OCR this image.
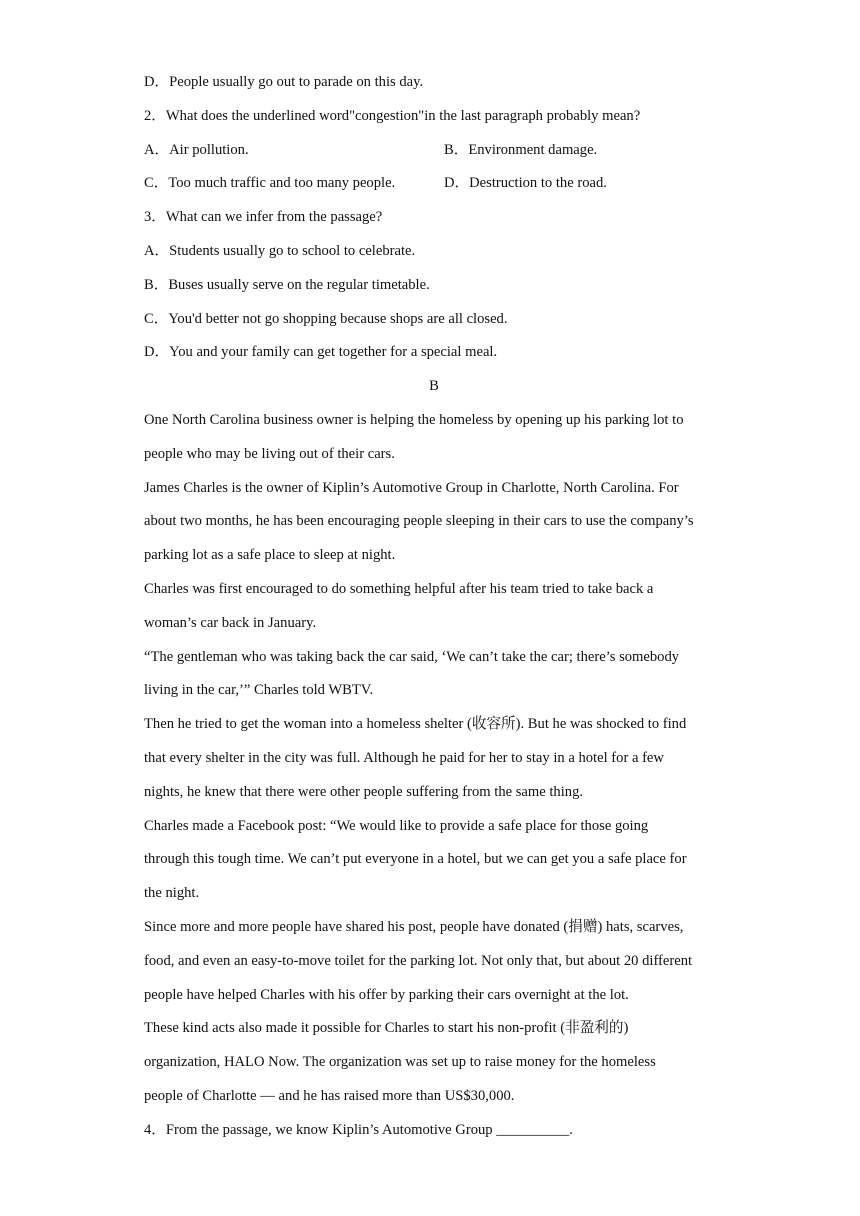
D．People usually go out to parade on this day.
2．What does the underlined word"congestion"in the last paragraph probably mean?
A．Air pollution.	B．Environment damage.
C．Too much traffic and too many people.	D．Destruction to the road.
3．What can we infer from the passage?
A．Students usually go to school to celebrate.
B．Buses usually serve on the regular timetable.
C．You'd better not go shopping because shops are all closed.
D．You and your family can get together for a special meal.
B
One North Carolina business owner is helping the homeless by opening up his parking lot to
people who may be living out of their cars.
James Charles is the owner of Kiplin’s Automotive Group in Charlotte, North Carolina. For
about two months, he has been encouraging people sleeping in their cars to use the company’s
parking lot as a safe place to sleep at night.
Charles was first encouraged to do something helpful after his team tried to take back a
woman’s car back in January.
“The gentleman who was taking back the car said, ‘We can’t take the car; there’s somebody
living in the car,’” Charles told WBTV.
Then he tried to get the woman into a homeless shelter (收容所). But he was shocked to find
that every shelter in the city was full. Although he paid for her to stay in a hotel for a few
nights, he knew that there were other people suffering from the same thing.
Charles made a Facebook post: “We would like to provide a safe place for those going
through this tough time. We can’t put everyone in a hotel, but we can get you a safe place for
the night.
Since more and more people have shared his post, people have donated (捐赠) hats, scarves,
food, and even an easy-to-move toilet for the parking lot. Not only that, but about 20 different
people have helped Charles with his offer by parking their cars overnight at the lot.
These kind acts also made it possible for Charles to start his non-profit (非盈利的)
organization, HALO Now. The organization was set up to raise money for the homeless
people of Charlotte — and he has raised more than US$30,000.
4．From the passage, we know Kiplin’s Automotive Group __________.
